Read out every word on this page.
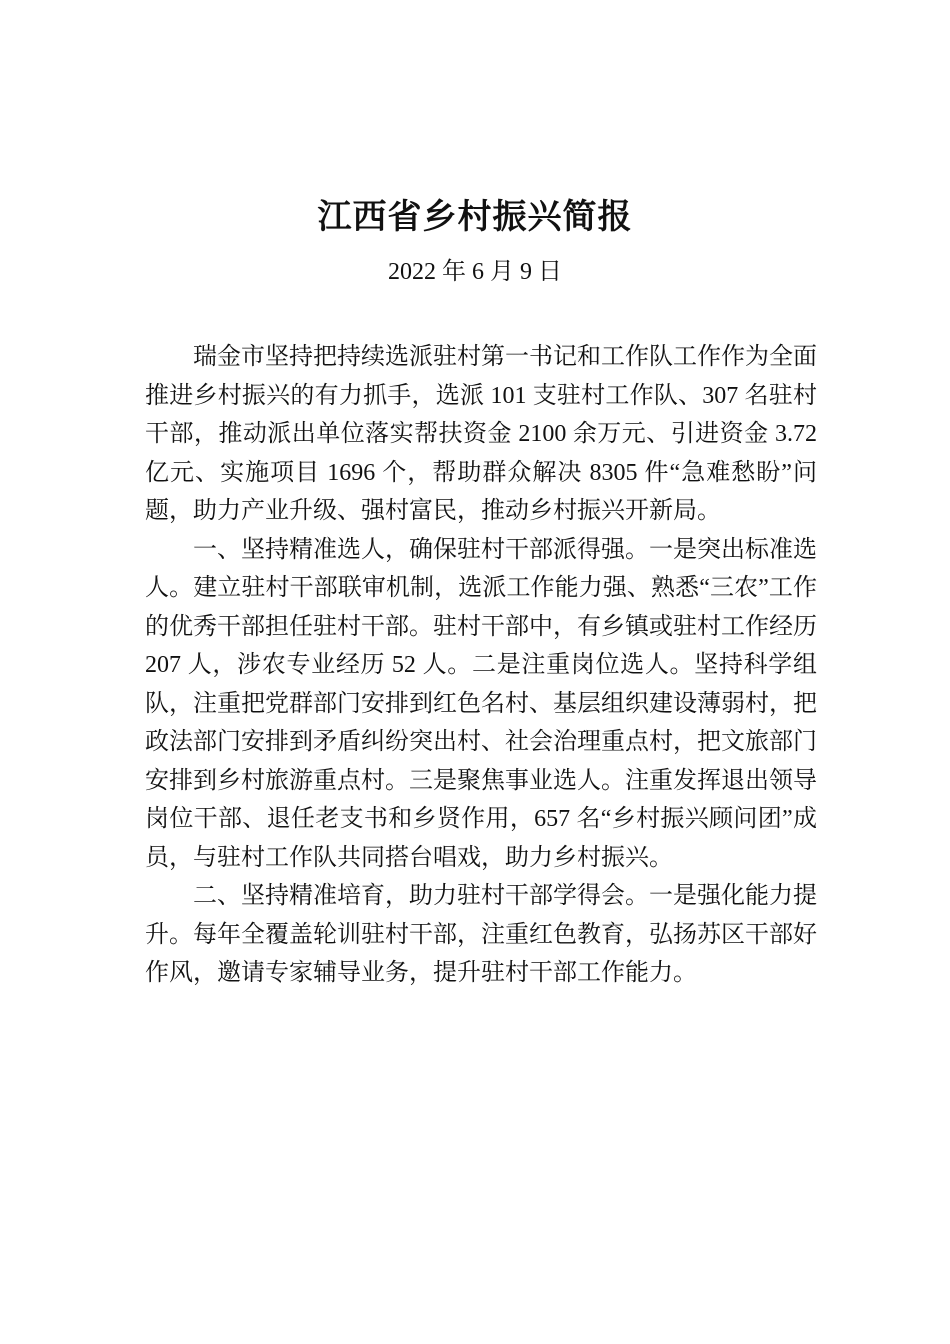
江西省乡村振兴简报
2022 年 6 月 9 日

瑞金市坚持把持续选派驻村第一书记和工作队工作作为全面推进乡村振兴的有力抓手，选派 101 支驻村工作队、307 名驻村干部，推动派出单位落实帮扶资金 2100 余万元、引进资金 3.72 亿元、实施项目 1696 个，帮助群众解决 8305 件“急难愁盼”问题，助力产业升级、强村富民，推动乡村振兴开新局。

一、坚持精准选人，确保驻村干部派得强。一是突出标准选人。建立驻村干部联审机制，选派工作能力强、熟悉“三农”工作的优秀干部担任驻村干部。驻村干部中，有乡镇或驻村工作经历 207 人，涉农专业经历 52 人。二是注重岗位选人。坚持科学组队，注重把党群部门安排到红色名村、基层组织建设薄弱村，把政法部门安排到矛盾纠纷突出村、社会治理重点村，把文旅部门安排到乡村旅游重点村。三是聚焦事业选人。注重发挥退出领导岗位干部、退任老支书和乡贤作用，657 名“乡村振兴顾问团”成员，与驻村工作队共同搭台唱戏，助力乡村振兴。

二、坚持精准培育，助力驻村干部学得会。一是强化能力提升。每年全覆盖轮训驻村干部，注重红色教育，弘扬苏区干部好作风，邀请专家辅导业务，提升驻村干部工作能力。
